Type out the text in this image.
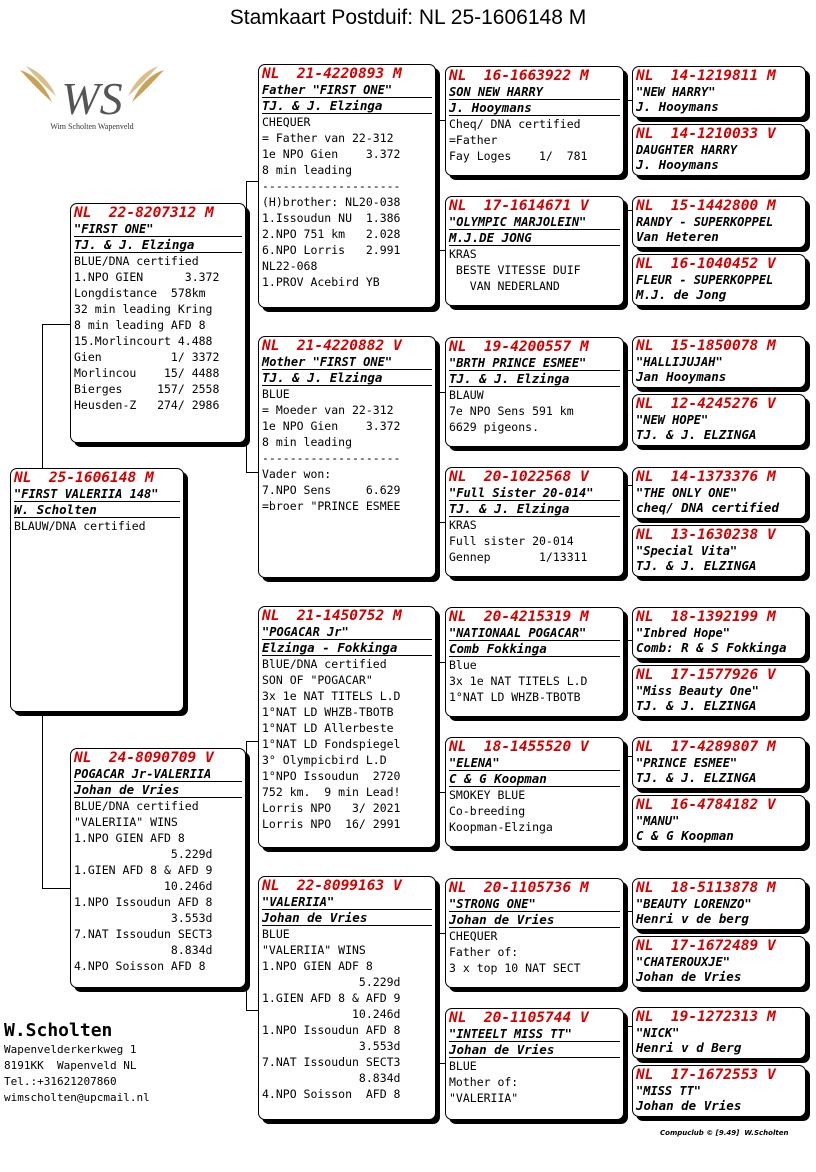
Stamkaart Postduif: NL 25-1606148 M
WS
Wim Scholten Wapenveld
NL  25-1606148 M
"FIRST VALERIIA 148"
W. Scholten
BLAUW/DNA certified
NL  22-8207312 M
"FIRST ONE"
TJ. & J. Elzinga
BLUE/DNA certified
1.NPO GIEN      3.372
Longdistance  578km
32 min leading Kring
8 min leading AFD 8
15.Morlincourt 4.488
Gien          1/ 3372
Morlincou    15/ 4488
Bierges     157/ 2558
Heusden-Z   274/ 2986
NL  24-8090709 V
POGACAR Jr-VALERIIA
Johan de Vries
BLUE/DNA certified
"VALERIIA" WINS
1.NPO GIEN AFD 8
5.229d
1.GIEN AFD 8 & AFD 9
10.246d
1.NPO Issoudun AFD 8
3.553d
7.NAT Issoudun SECT3
8.834d
4.NPO Soisson AFD 8
NL  21-4220893 M
Father "FIRST ONE"
TJ. & J. Elzinga
CHEQUER
= Father van 22-312
1e NPO Gien    3.372
8 min leading
--------------------
(H)brother: NL20-038
1.Issoudun NU  1.386
2.NPO 751 km   2.028
6.NPO Lorris   2.991
NL22-068
1.PROV Acebird YB
NL  21-4220882 V
Mother "FIRST ONE"
TJ. & J. Elzinga
BLUE
= Moeder van 22-312
1e NPO Gien    3.372
8 min leading
--------------------
Vader won:
7.NPO Sens     6.629
=broer "PRINCE ESMEE
NL  21-1450752 M
"POGACAR Jr"
Elzinga - Fokkinga
BlUE/DNA certified
SON OF "POGACAR"
3x 1e NAT TITELS L.D
1°NAT LD WHZB-TBOTB
1°NAT LD Allerbeste
1°NAT LD Fondspiegel
3° Olympicbird L.D
1°NPO Issoudun  2720
752 km.  9 min Lead!
Lorris NPO   3/ 2021
Lorris NPO  16/ 2991
NL  22-8099163 V
"VALERIIA"
Johan de Vries
BLUE
"VALERIIA" WINS
1.NPO GIEN ADF 8
5.229d
1.GIEN AFD 8 & AFD 9
10.246d
1.NPO Issoudun AFD 8
3.553d
7.NAT Issoudun SECT3
8.834d
4.NPO Soisson  AFD 8
NL  16-1663922 M
SON NEW HARRY
J. Hooymans
Cheq/ DNA certified
=Father
Fay Loges    1/  781
NL  17-1614671 V
"OLYMPIC MARJOLEIN"
M.J.DE JONG
KRAS
BESTE VITESSE DUIF
VAN NEDERLAND
NL  19-4200557 M
"BRTH PRINCE ESMEE"
TJ. & J. Elzinga
BLAUW
7e NPO Sens 591 km
6629 pigeons.
NL  20-1022568 V
"Full Sister 20-014"
TJ. & J. Elzinga
KRAS
Full sister 20-014
Gennep       1/13311
NL  20-4215319 M
"NATIONAAL POGACAR"
Comb Fokkinga
Blue
3x 1e NAT TITELS L.D
1°NAT LD WHZB-TBOTB
NL  18-1455520 V
"ELENA"
C & G Koopman
SMOKEY BLUE
Co-breeding
Koopman-Elzinga
NL  20-1105736 M
"STRONG ONE"
Johan de Vries
CHEQUER
Father of:
3 x top 10 NAT SECT
NL  20-1105744 V
"INTEELT MISS TT"
Johan de Vries
BLUE
Mother of:
"VALERIIA"
NL  14-1219811 M
"NEW HARRY"
J. Hooymans
NL  14-1210033 V
DAUGHTER HARRY
J. Hooymans
NL  15-1442800 M
RANDY - SUPERKOPPEL
Van Heteren
NL  16-1040452 V
FLEUR - SUPERKOPPEL
M.J. de Jong
NL  15-1850078 M
"HALLIJUJAH"
Jan Hooymans
NL  12-4245276 V
"NEW HOPE"
TJ. & J. ELZINGA
NL  14-1373376 M
"THE ONLY ONE"
cheq/ DNA certified
NL  13-1630238 V
"Special Vita"
TJ. & J. ELZINGA
NL  18-1392199 M
"Inbred Hope"
Comb: R & S Fokkinga
NL  17-1577926 V
"Miss Beauty One"
TJ. & J. ELZINGA
NL  17-4289807 M
"PRINCE ESMEE"
TJ. & J. ELZINGA
NL  16-4784182 V
"MANU"
C & G Koopman
NL  18-5113878 M
"BEAUTY LORENZO"
Henri v de berg
NL  17-1672489 V
"CHATEROUXJE"
Johan de Vries
NL  19-1272313 M
"NICK"
Henri v d Berg
NL  17-1672553 V
"MISS TT"
Johan de Vries
W.Scholten
Wapenvelderkerkweg 1
8191KK  Wapenveld NL
Tel.:+31621207860
wimscholten@upcmail.nl
Compuclub © [9.49]  W.Scholten
